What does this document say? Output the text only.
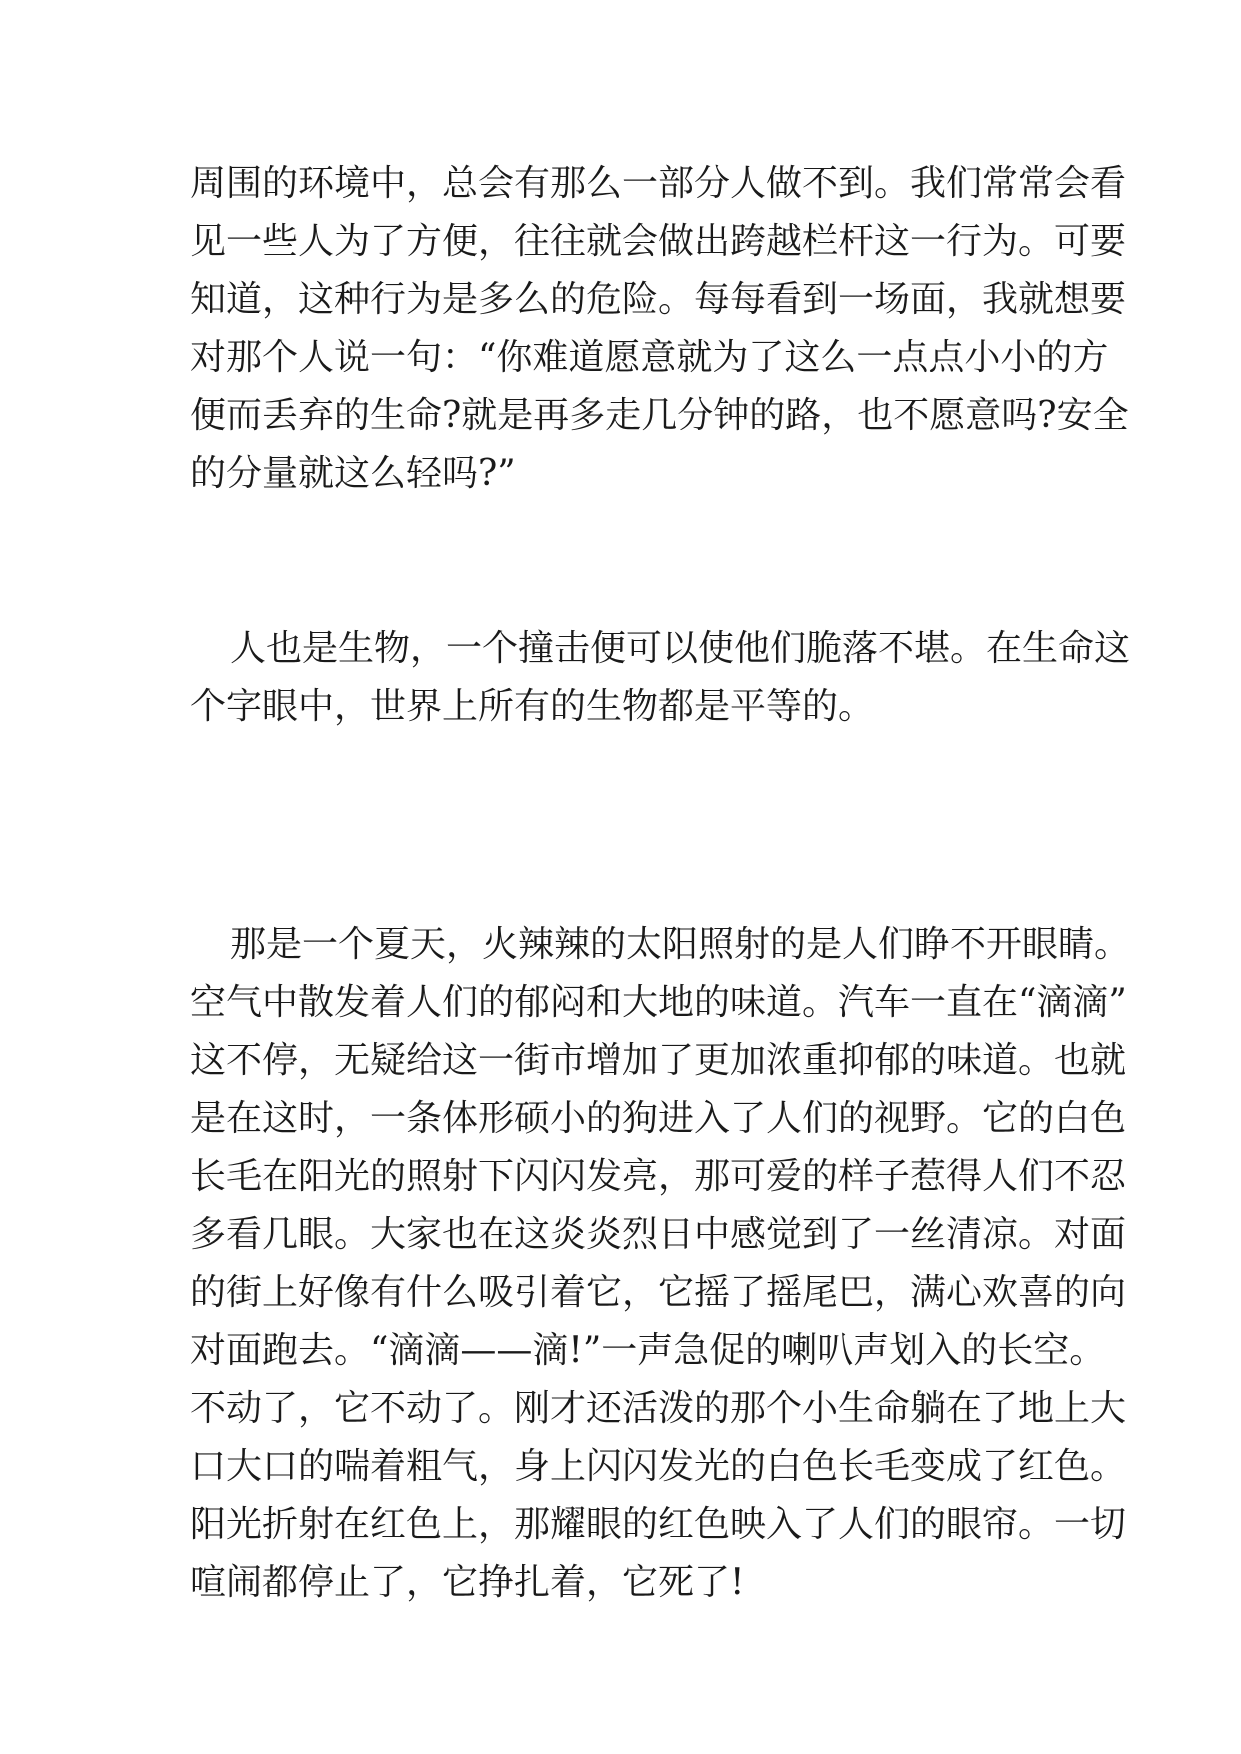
周围的环境中，总会有那么一部分人做不到。我们常常会看
见一些人为了方便，往往就会做出跨越栏杆这一行为。可要
知道，这种行为是多么的危险。每每看到一场面，我就想要
对那个人说一句：“你难道愿意就为了这么一点点小小的方
便而丢弃的生命?就是再多走几分钟的路，也不愿意吗?安全
的分量就这么轻吗?”
人也是生物，一个撞击便可以使他们脆落不堪。在生命这
个字眼中，世界上所有的生物都是平等的。
那是一个夏天，火辣辣的太阳照射的是人们睁不开眼睛。
空气中散发着人们的郁闷和大地的味道。汽车一直在“滴滴”
这不停，无疑给这一街市增加了更加浓重抑郁的味道。也就
是在这时，一条体形硕小的狗进入了人们的视野。它的白色
长毛在阳光的照射下闪闪发亮，那可爱的样子惹得人们不忍
多看几眼。大家也在这炎炎烈日中感觉到了一丝清凉。对面
的街上好像有什么吸引着它，它摇了摇尾巴，满心欢喜的向
对面跑去。“滴滴——滴!”一声急促的喇叭声划入的长空。
不动了，它不动了。刚才还活泼的那个小生命躺在了地上大
口大口的喘着粗气，身上闪闪发光的白色长毛变成了红色。
阳光折射在红色上，那耀眼的红色映入了人们的眼帘。一切
喧闹都停止了，它挣扎着，它死了!
